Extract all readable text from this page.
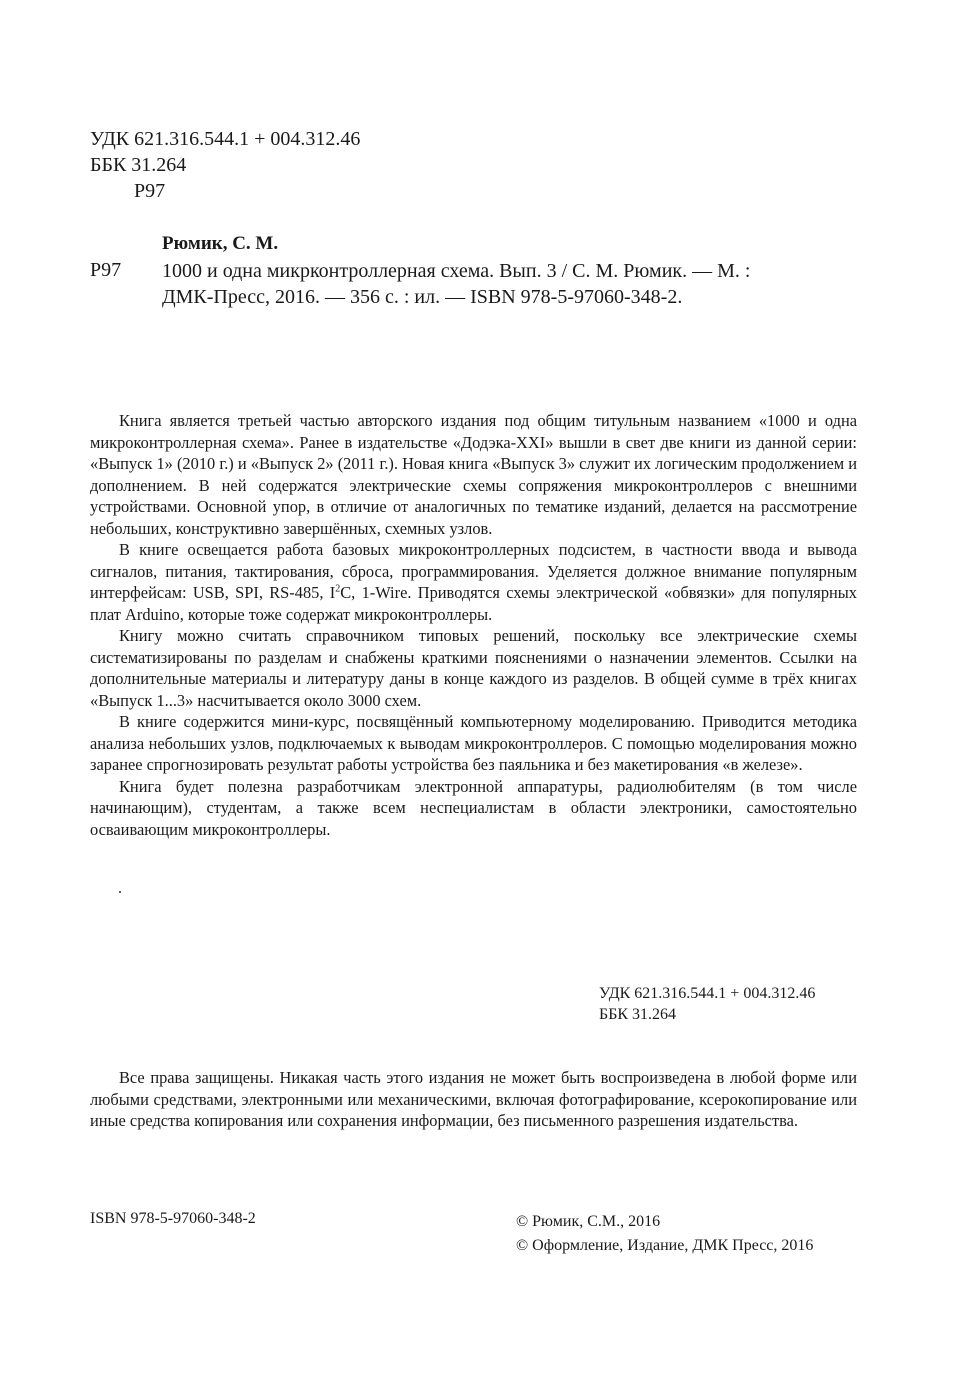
УДК 621.316.544.1 + 004.312.46
ББК 31.264
Р97
Рюмик, С. М.
Р97 1000 и одна микрконтроллерная схема. Вып. 3 / С. М. Рюмик. — М. :
ДМК-Пресс, 2016. — 356 с. : ил. — ISBN 978-5-97060-348-2.

Книга является третьей частью авторского издания под общим титульным названием «1000 и одна микроконтроллерная схема». Ранее в издательстве «Додэка-XXI» вышли в свет две книги из данной серии: «Выпуск 1» (2010 г.) и «Выпуск 2» (2011 г.). Новая книга «Выпуск 3» служит их логическим продолжением и дополнением. В ней содержатся электрические схемы сопряжения микроконтроллеров с внешними устройствами. Основной упор, в отличие от аналогичных по тематике изданий, делается на рассмотрение небольших, конструктивно завершённых, схемных узлов.

В книге освещается работа базовых микроконтроллерных подсистем, в частности ввода и вывода сигналов, питания, тактирования, сброса, программирования. Уделяется должное внимание популярным интерфейсам: USB, SPI, RS-485, $I^2C$, 1-Wire. Приводятся схемы электрической «обвязки» для популярных плат Arduino, которые тоже содержат микроконтроллеры.

Книгу можно считать справочником типовых решений, поскольку все электрические схемы систематизированы по разделам и снабжены краткими пояснениями о назначении элементов. Ссылки на дополнительные материалы и литературу даны в конце каждого из разделов. В общей сумме в трёх книгах «Выпуск 1...3» насчитывается около 3000 схем.

В книге содержится мини-курс, посвящённый компьютерному моделированию. Приводится методика анализа небольших узлов, подключаемых к выводам микроконтроллеров. С помощью моделирования можно заранее спрогнозировать результат работы устройства без паяльника и без макетирования «в железе».

Книга будет полезна разработчикам электронной аппаратуры, радиолюбителям (в том числе начинающим), студентам, а также всем неспециалистам в области электроники, самостоятельно осваивающим микроконтроллеры.

.
УДК 621.316.544.1 + 004.312.46
ББК 31.264

Все права защищены. Никакая часть этого издания не может быть воспроизведена в любой форме или любыми средствами, электронными или механическими, включая фотографирование, ксерокопирование или иные средства копирования или сохранения информации, без письменного разрешения издательства.

ISBN 978-5-97060-348-2	© Рюмик, С.М., 2016
© Оформление, Издание, ДМК Пресс, 2016
